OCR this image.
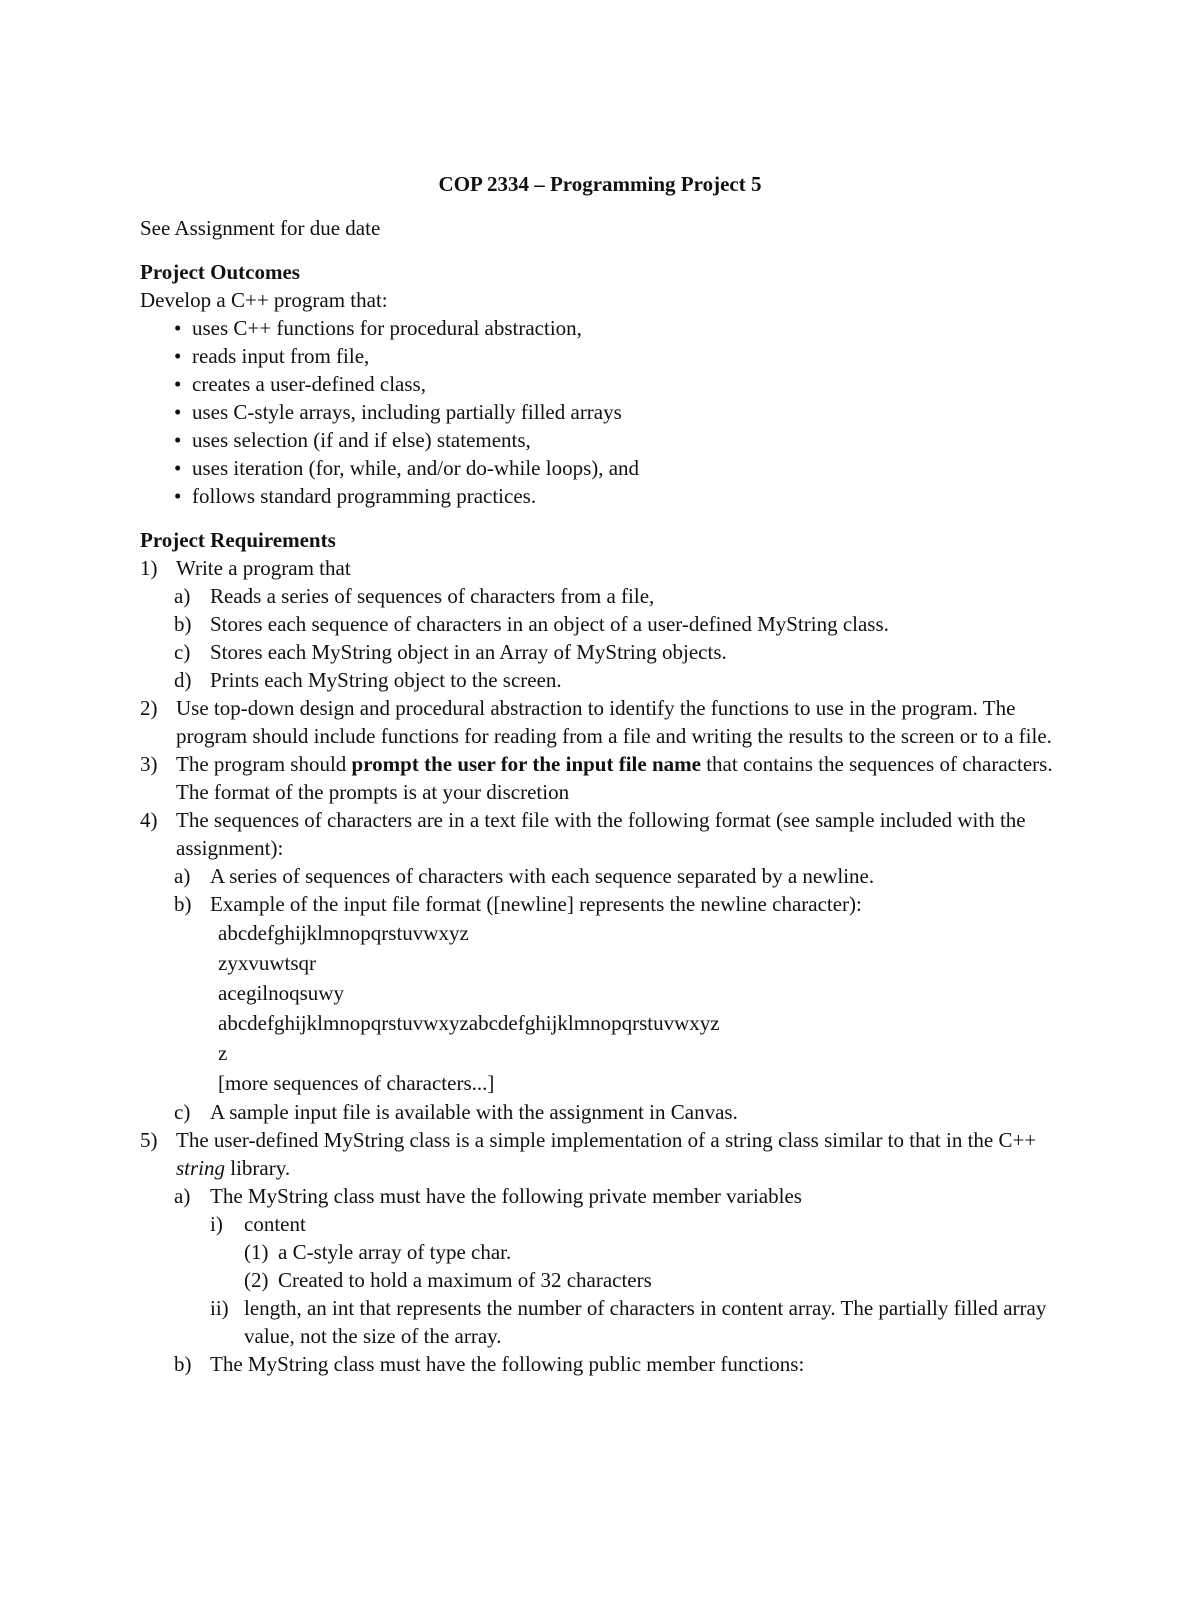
COP 2334 – Programming Project 5
See Assignment for due date
Project Outcomes
Develop a C++ program that:
• uses C++ functions for procedural abstraction,
• reads input from file,
• creates a user-defined class,
• uses C-style arrays, including partially filled arrays
• uses selection (if and if else) statements,
• uses iteration (for, while, and/or do-while loops), and
• follows standard programming practices.
Project Requirements
1) Write a program that
a) Reads a series of sequences of characters from a file,
b) Stores each sequence of characters in an object of a user-defined MyString class.
c) Stores each MyString object in an Array of MyString objects.
d) Prints each MyString object to the screen.
2) Use top-down design and procedural abstraction to identify the functions to use in the program. The program should include functions for reading from a file and writing the results to the screen or to a file.
3) The program should prompt the user for the input file name that contains the sequences of characters. The format of the prompts is at your discretion
4) The sequences of characters are in a text file with the following format (see sample included with the assignment):
a) A series of sequences of characters with each sequence separated by a newline.
b) Example of the input file format ([newline] represents the newline character):
abcdefghijklmnopqrstuvwxyz
zyxvuwtsqr
acegilnoqsuwy
abcdefghijklmnopqrstuvwxyzabcdefghijklmnopqrstuvwxyz
z
[more sequences of characters...]
c) A sample input file is available with the assignment in Canvas.
5) The user-defined MyString class is a simple implementation of a string class similar to that in the C++ string library.
a) The MyString class must have the following private member variables
i) content
(1) a C-style array of type char.
(2) Created to hold a maximum of 32 characters
ii) length, an int that represents the number of characters in content array. The partially filled array value, not the size of the array.
b) The MyString class must have the following public member functions:
